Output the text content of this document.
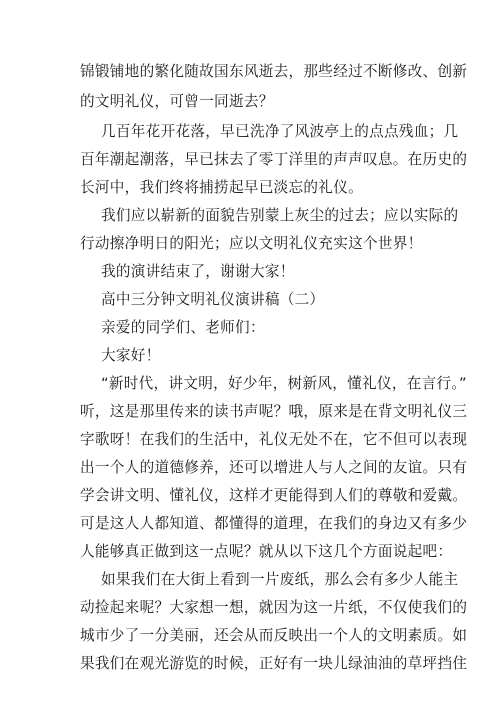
锦锻铺地的繁化随故国东风逝去，那些经过不断修改、创新
的文明礼仪，可曾一同逝去？
几百年花开花落，早已洗净了风波亭上的点点残血；几
百年潮起潮落，早已抹去了零丁洋里的声声叹息。在历史的
长河中，我们终将捕捞起早已淡忘的礼仪。
我们应以崭新的面貌告别蒙上灰尘的过去；应以实际的
行动擦净明日的阳光；应以文明礼仪充实这个世界！
我的演讲结束了，谢谢大家！
高中三分钟文明礼仪演讲稿（二）
亲爱的同学们、老师们：
大家好！
“新时代，讲文明，好少年，树新风，懂礼仪，在言行。”
听，这是那里传来的读书声呢？哦，原来是在背文明礼仪三
字歌呀！在我们的生活中，礼仪无处不在，它不但可以表现
出一个人的道德修养，还可以增进人与人之间的友谊。只有
学会讲文明、懂礼仪，这样才更能得到人们的尊敬和爱戴。
可是这人人都知道、都懂得的道理，在我们的身边又有多少
人能够真正做到这一点呢？就从以下这几个方面说起吧：
如果我们在大街上看到一片废纸，那么会有多少人能主
动捡起来呢？大家想一想，就因为这一片纸，不仅使我们的
城市少了一分美丽，还会从而反映出一个人的文明素质。如
果我们在观光游览的时候，正好有一块儿绿油油的草坪挡住
